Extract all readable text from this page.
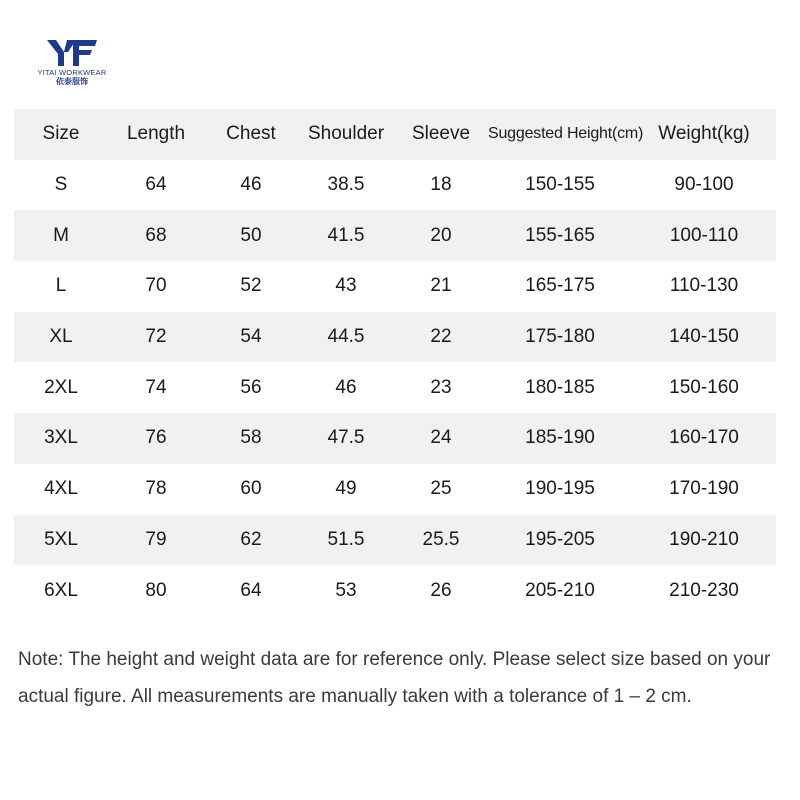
YITAI WORKWEAR
依泰服饰
Size	Length	Chest	Shoulder	Sleeve	Suggested Height(cm)	Weight(kg)
S	64	46	38.5	18	150-155	90-100
M	68	50	41.5	20	155-165	100-110
L	70	52	43	21	165-175	110-130
XL	72	54	44.5	22	175-180	140-150
2XL	74	56	46	23	180-185	150-160
3XL	76	58	47.5	24	185-190	160-170
4XL	78	60	49	25	190-195	170-190
5XL	79	62	51.5	25.5	195-205	190-210
6XL	80	64	53	26	205-210	210-230
Note: The height and weight data are for reference only. Please select size based on your actual figure. All measurements are manually taken with a tolerance of 1 – 2 cm.
